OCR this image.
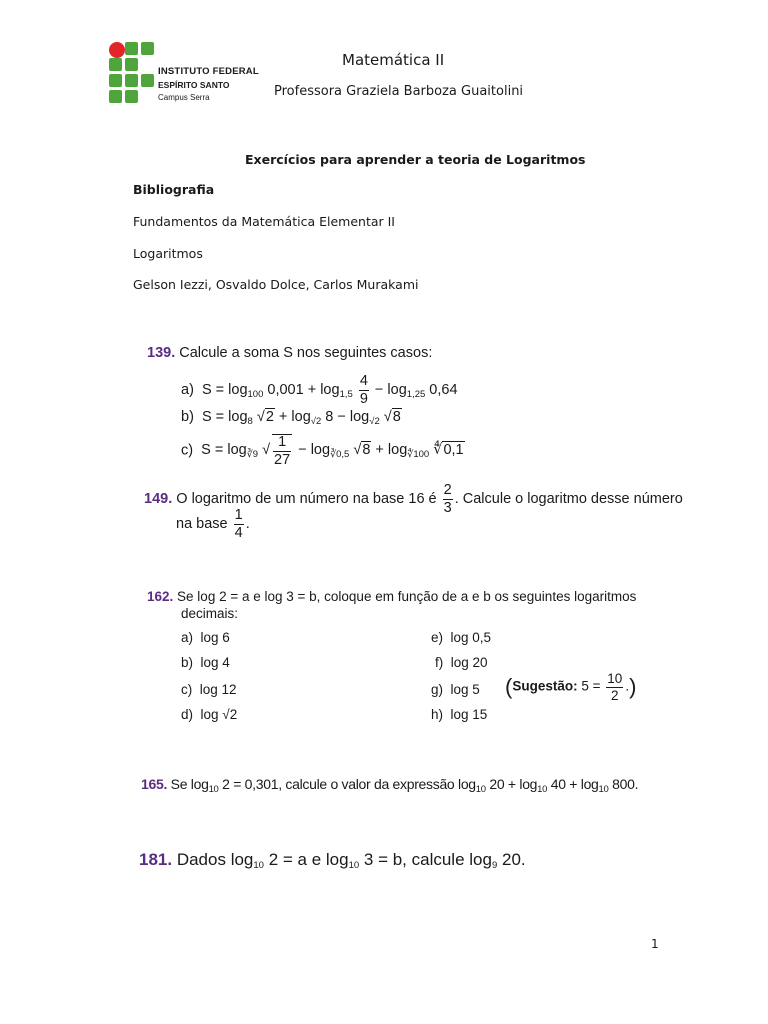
INSTITUTO FEDERAL
ESPÍRITO SANTO
Campus Serra
Matemática II
Professora Graziela Barboza Guaitolini
Exercícios para aprender a teoria de Logaritmos
Bibliografia
Fundamentos da Matemática Elementar II
Logaritmos
Gelson Iezzi, Osvaldo Dolce, Carlos Murakami
139. Calcule a soma S nos seguintes casos:
a)  $S = \log_{100} 0,001 + \log_{1,5} \frac{4}{9} - \log_{1,25} 0,64$
b)  $S = \log_8 √2 + \log_{√2} 8 - \log_{√2} √8$
c)  $S = \log_{∛9}$ √ $\frac{1}{27} - \log_{∛0,5} √8 + \log_{∜100}$ ∜0,1
149. O logaritmo de um número na base 16 é $\frac{2}{3}$ . Calcule o logaritmo desse número
na base $\frac{1}{4}$ .
162. Se log 2 = a e log 3 = b, coloque em função de a e b os seguintes logaritmos
decimais:
a) log 6
b) log 4
c) log 12
d) log √2
e) log 0,5
f) log 20
g) log 5
h) log 15
(Sugestão: $5 = \frac{10}{2}$ .)
165. Se $\log_{10} 2 = 0,301$, calcule o valor da expressão $\log_{10} 20 + \log_{10} 40 + \log_{10} 800$.
181. Dados $\log_{10} 2 = a$ e $\log_{10} 3 = b$, calcule $\log_9 20$.
1
